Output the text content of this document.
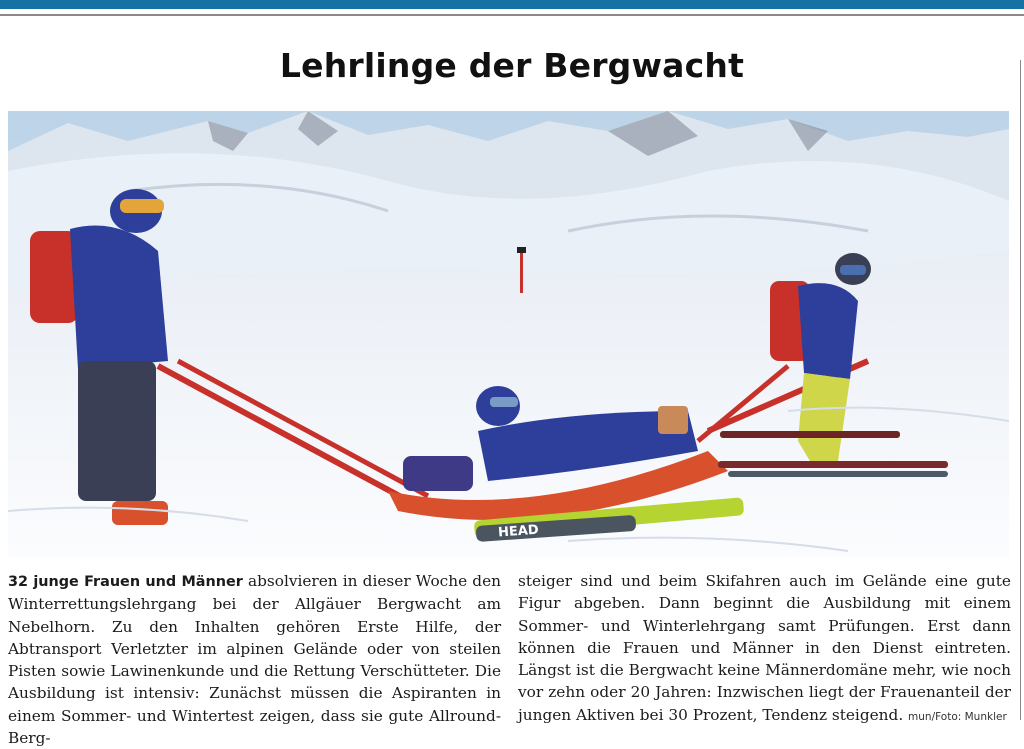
Lehrlinge der Bergwacht
HEAD

32 junge Frauen und Männer absolvieren in dieser Woche den Winterrettungslehrgang bei der Allgäuer Bergwacht am Nebelhorn. Zu den Inhalten gehören Erste Hilfe, der Abtransport Verletzter im alpinen Gelände oder von steilen Pisten sowie Lawinenkunde und die Rettung Verschütteter. Die Ausbildung ist intensiv: Zunächst müssen die Aspiranten in einem Sommer- und Wintertest zeigen, dass sie gute Allround-Berg-

steiger sind und beim Skifahren auch im Gelände eine gute Figur abgeben. Dann beginnt die Ausbildung mit einem Sommer- und Winterlehrgang samt Prüfungen. Erst dann können die Frauen und Männer in den Dienst eintreten. Längst ist die Bergwacht keine Männerdomäne mehr, wie noch vor zehn oder 20 Jahren: Inzwischen liegt der Frauenanteil der jungen Aktiven bei 30 Prozent, Tendenz steigend. mun/Foto: Munkler
